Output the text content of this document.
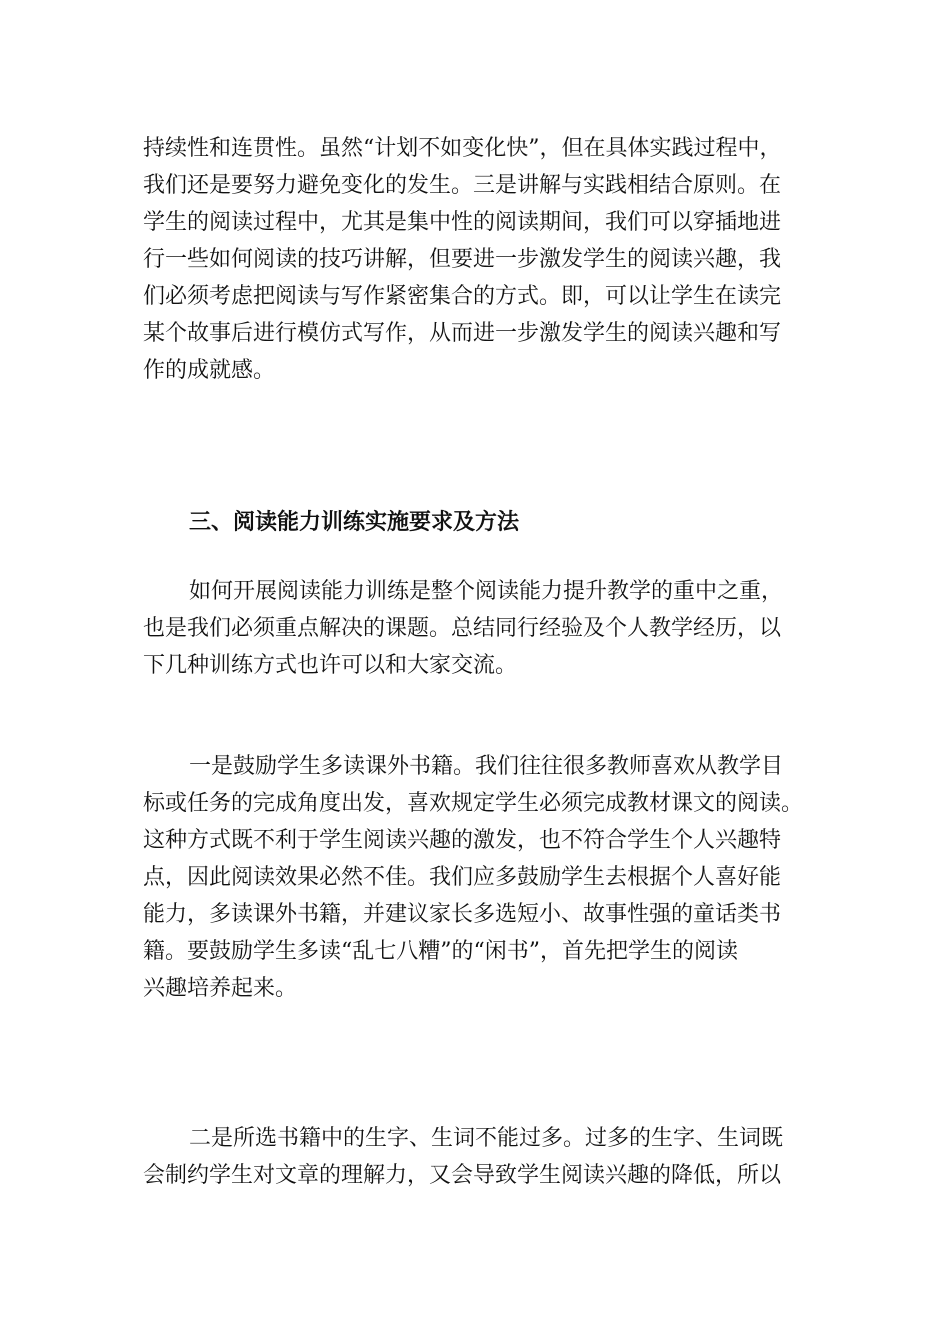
持续性和连贯性。虽然“计划不如变化快”，但在具体实践过程中，
我们还是要努力避免变化的发生。三是讲解与实践相结合原则。在
学生的阅读过程中，尤其是集中性的阅读期间，我们可以穿插地进
行一些如何阅读的技巧讲解，但要进一步激发学生的阅读兴趣，我
们必须考虑把阅读与写作紧密集合的方式。即，可以让学生在读完
某个故事后进行模仿式写作，从而进一步激发学生的阅读兴趣和写
作的成就感。
三、阅读能力训练实施要求及方法
如何开展阅读能力训练是整个阅读能力提升教学的重中之重，
也是我们必须重点解决的课题。总结同行经验及个人教学经历，以
下几种训练方式也许可以和大家交流。
一是鼓励学生多读课外书籍。我们往往很多教师喜欢从教学目
标或任务的完成角度出发，喜欢规定学生必须完成教材课文的阅读。
这种方式既不利于学生阅读兴趣的激发，也不符合学生个人兴趣特
点，因此阅读效果必然不佳。我们应多鼓励学生去根据个人喜好能
能力，多读课外书籍，并建议家长多选短小、故事性强的童话类书
籍。要鼓励学生多读“乱七八糟”的“闲书”，首先把学生的阅读
兴趣培养起来。
二是所选书籍中的生字、生词不能过多。过多的生字、生词既
会制约学生对文章的理解力，又会导致学生阅读兴趣的降低，所以
